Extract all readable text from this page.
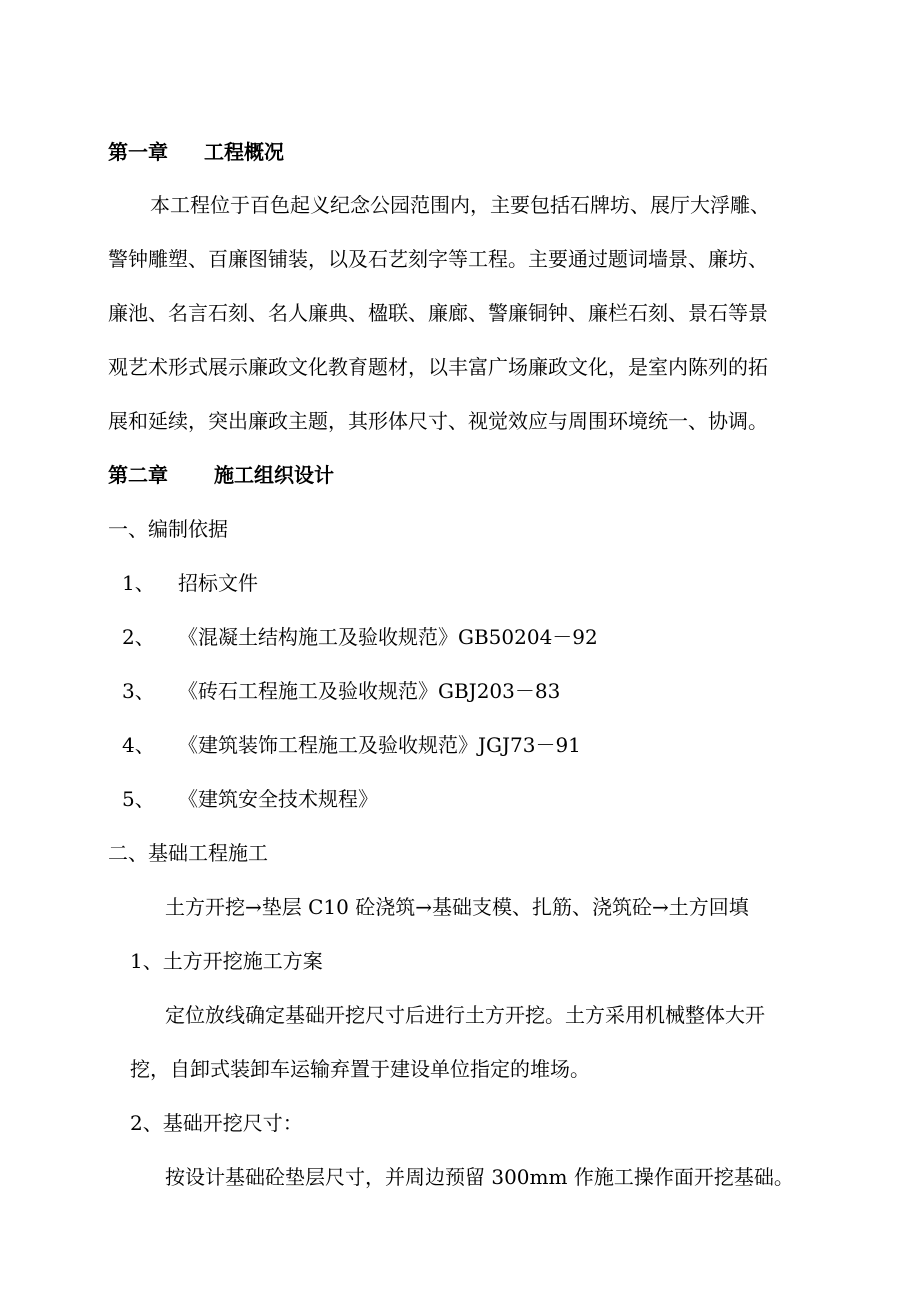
第一章 工程概况
本工程位于百色起义纪念公园范围内，主要包括石牌坊、展厅大浮雕、
警钟雕塑、百廉图铺装，以及石艺刻字等工程。主要通过题词墙景、廉坊、
廉池、名言石刻、名人廉典、楹联、廉廊、警廉铜钟、廉栏石刻、景石等景
观艺术形式展示廉政文化教育题材，以丰富广场廉政文化，是室内陈列的拓
展和延续，突出廉政主题，其形体尺寸、视觉效应与周围环境统一、协调。
第二章 施工组织设计
一、编制依据
1、 招标文件
2、 《混凝土结构施工及验收规范》GB50204－92
3、 《砖石工程施工及验收规范》GBJ203－83
4、 《建筑装饰工程施工及验收规范》JGJ73－91
5、 《建筑安全技术规程》
二、基础工程施工
土方开挖→垫层 C10 砼浇筑→基础支模、扎筋、浇筑砼→土方回填
1、土方开挖施工方案
定位放线确定基础开挖尺寸后进行土方开挖。土方采用机械整体大开
挖，自卸式装卸车运输弃置于建设单位指定的堆场。
2、基础开挖尺寸：
按设计基础砼垫层尺寸，并周边预留 300mm 作施工操作面开挖基础。
